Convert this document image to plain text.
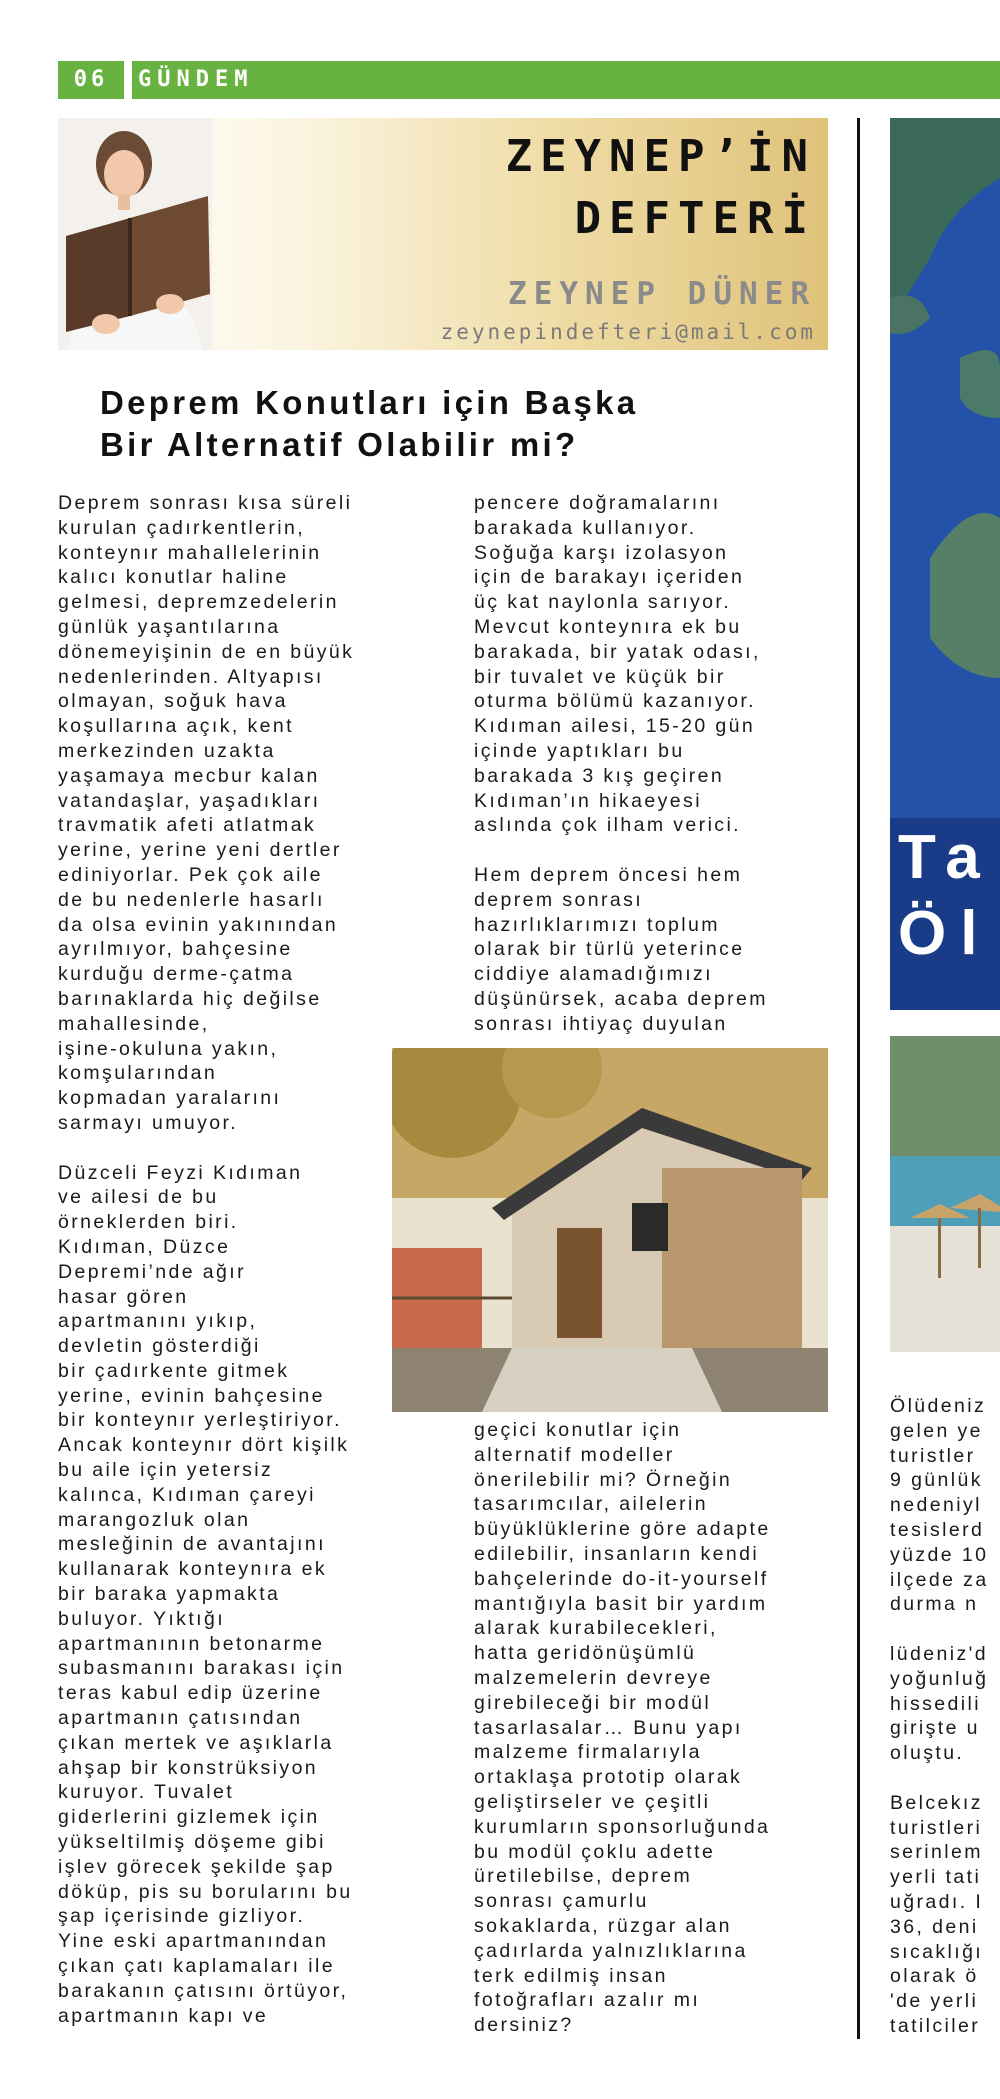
06	GÜNDEM
ZEYNEP’İN
DEFTERİ
ZEYNEP DÜNER
zeynepindefteri@mail.com
Deprem Konutları için Başka
Bir Alternatif Olabilir mi?

Deprem sonrası kısa süreli
kurulan çadırkentlerin,
konteynır mahallelerinin
kalıcı konutlar haline
gelmesi, depremzedelerin
günlük yaşantılarına
dönemeyişinin de en büyük
nedenlerinden. Altyapısı
olmayan, soğuk hava
koşullarına açık, kent
merkezinden uzakta
yaşamaya mecbur kalan
vatandaşlar, yaşadıkları
travmatik afeti atlatmak
yerine, yerine yeni dertler
ediniyorlar. Pek çok aile
de bu nedenlerle hasarlı
da olsa evinin yakınından
ayrılmıyor, bahçesine
kurduğu derme-çatma
barınaklarda hiç değilse
mahallesinde,
işine-okuluna yakın,
komşularından
kopmadan yaralarını
sarmayı umuyor.

Düzceli Feyzi Kıdıman
ve ailesi de bu
örneklerden biri.
Kıdıman, Düzce
Depremi’nde ağır
hasar gören
apartmanını yıkıp,
devletin gösterdiği
bir çadırkente gitmek
yerine, evinin bahçesine
bir konteynır yerleştiriyor.
Ancak konteynır dört kişilk
bu aile için yetersiz
kalınca, Kıdıman çareyi
marangozluk olan
mesleğinin de avantajını
kullanarak konteynıra ek
bir baraka yapmakta
buluyor. Yıktığı
apartmanının betonarme
subasmanını barakası için
teras kabul edip üzerine
apartmanın çatısından
çıkan mertek ve aşıklarla
ahşap bir konstrüksiyon
kuruyor. Tuvalet
giderlerini gizlemek için
yükseltilmiş döşeme gibi
işlev görecek şekilde şap
döküp, pis su borularını bu
şap içerisinde gizliyor.
Yine eski apartmanından
çıkan çatı kaplamaları ile
barakanın çatısını örtüyor,
apartmanın kapı ve

pencere doğramalarını
barakada kullanıyor.
Soğuğa karşı izolasyon
için de barakayı içeriden
üç kat naylonla sarıyor.
Mevcut konteynıra ek bu
barakada, bir yatak odası,
bir tuvalet ve küçük bir
oturma bölümü kazanıyor.
Kıdıman ailesi, 15-20 gün
içinde yaptıkları bu
barakada 3 kış geçiren
Kıdıman’ın hikaeyesi
aslında çok ilham verici.

Hem deprem öncesi hem
deprem sonrası
hazırlıklarımızı toplum
olarak bir türlü yeterince
ciddiye alamadığımızı
düşünürsek, acaba deprem
sonrası ihtiyaç duyulan

geçici konutlar için
alternatif modeller
önerilebilir mi? Örneğin
tasarımcılar, ailelerin
büyüklüklerine göre adapte
edilebilir, insanların kendi
bahçelerinde do-it-yourself
mantığıyla basit bir yardım
alarak kurabilecekleri,
hatta geridönüşümlü
malzemelerin devreye
girebileceği bir modül
tasarlasalar… Bunu yapı
malzeme firmalarıyla
ortaklaşa prototip olarak
geliştirseler ve çeşitli
kurumların sponsorluğunda
bu modül çoklu adette
üretilebilse, deprem
sonrası çamurlu
sokaklarda, rüzgar alan
çadırlarda yalnızlıklarına
terk edilmiş insan
fotoğrafları azalır mı
dersiniz?

Ta
Öl

Ölüdeniz
gelen ye
turistler
9 günlük
nedeniyl
tesislerd
yüzde 10
ilçede za
durma n

lüdeniz'd
yoğunluğ
hissedili
girişte u
oluştu.

Belcekız
turistleri
serinlem
yerli tati
uğradı. I
36, deni
sıcaklığı
olarak ö
'de yerli
tatilciler
